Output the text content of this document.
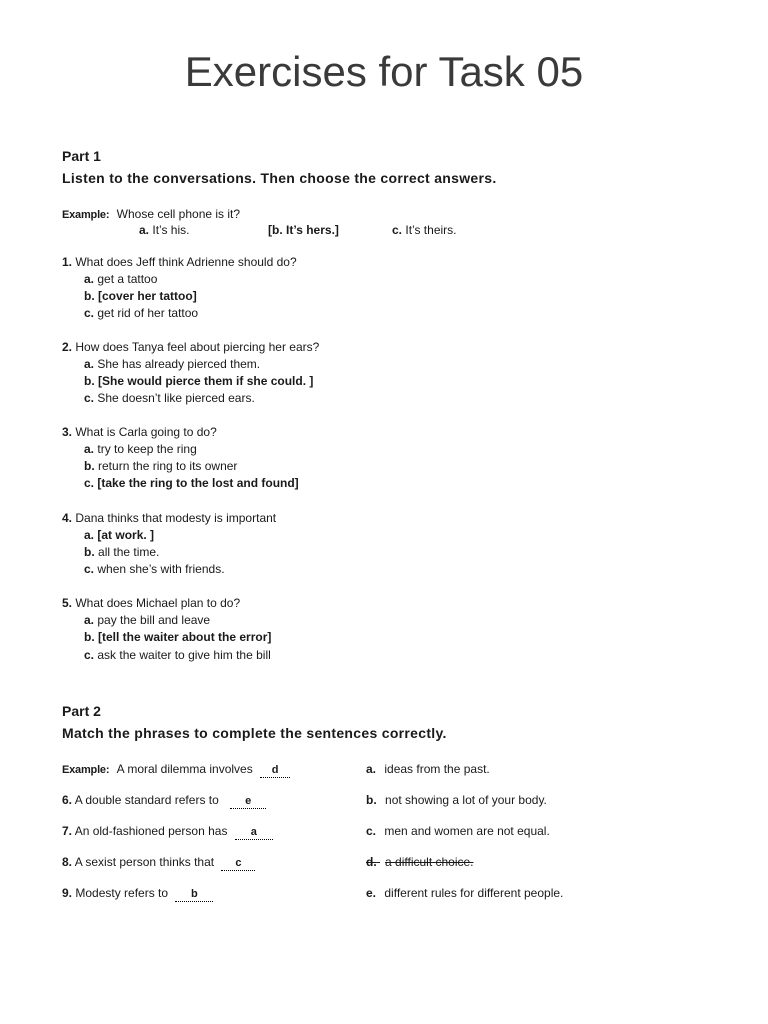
Exercises for Task 05
Part 1

Listen to the conversations. Then choose the correct answers.

Example: Whose cell phone is it?
a. It’s his.	[b. It’s hers.]	c. It’s theirs.
1. What does Jeff think Adrienne should do?
a. get a tattoo
b. [cover her tattoo]
c. get rid of her tattoo
2. How does Tanya feel about piercing her ears?
a. She has already pierced them.
b. [She would pierce them if she could. ]
c. She doesn’t like pierced ears.
3. What is Carla going to do?
a. try to keep the ring
b. return the ring to its owner
c. [take the ring to the lost and found]
4. Dana thinks that modesty is important
a. [at work. ]
b. all the time.
c. when she’s with friends.
5. What does Michael plan to do?
a. pay the bill and leave
b. [tell the waiter about the error]
c. ask the waiter to give him the bill
Part 2

Match the phrases to complete the sentences correctly.

Example: A moral dilemma involves d
6. A double standard refers to e
7. An old-fashioned person has a
8. A sexist person thinks that c
9. Modesty refers to b
a. ideas from the past.
b. not showing a lot of your body.
c. men and women are not equal.
d. a difficult choice.
e. different rules for different people.
